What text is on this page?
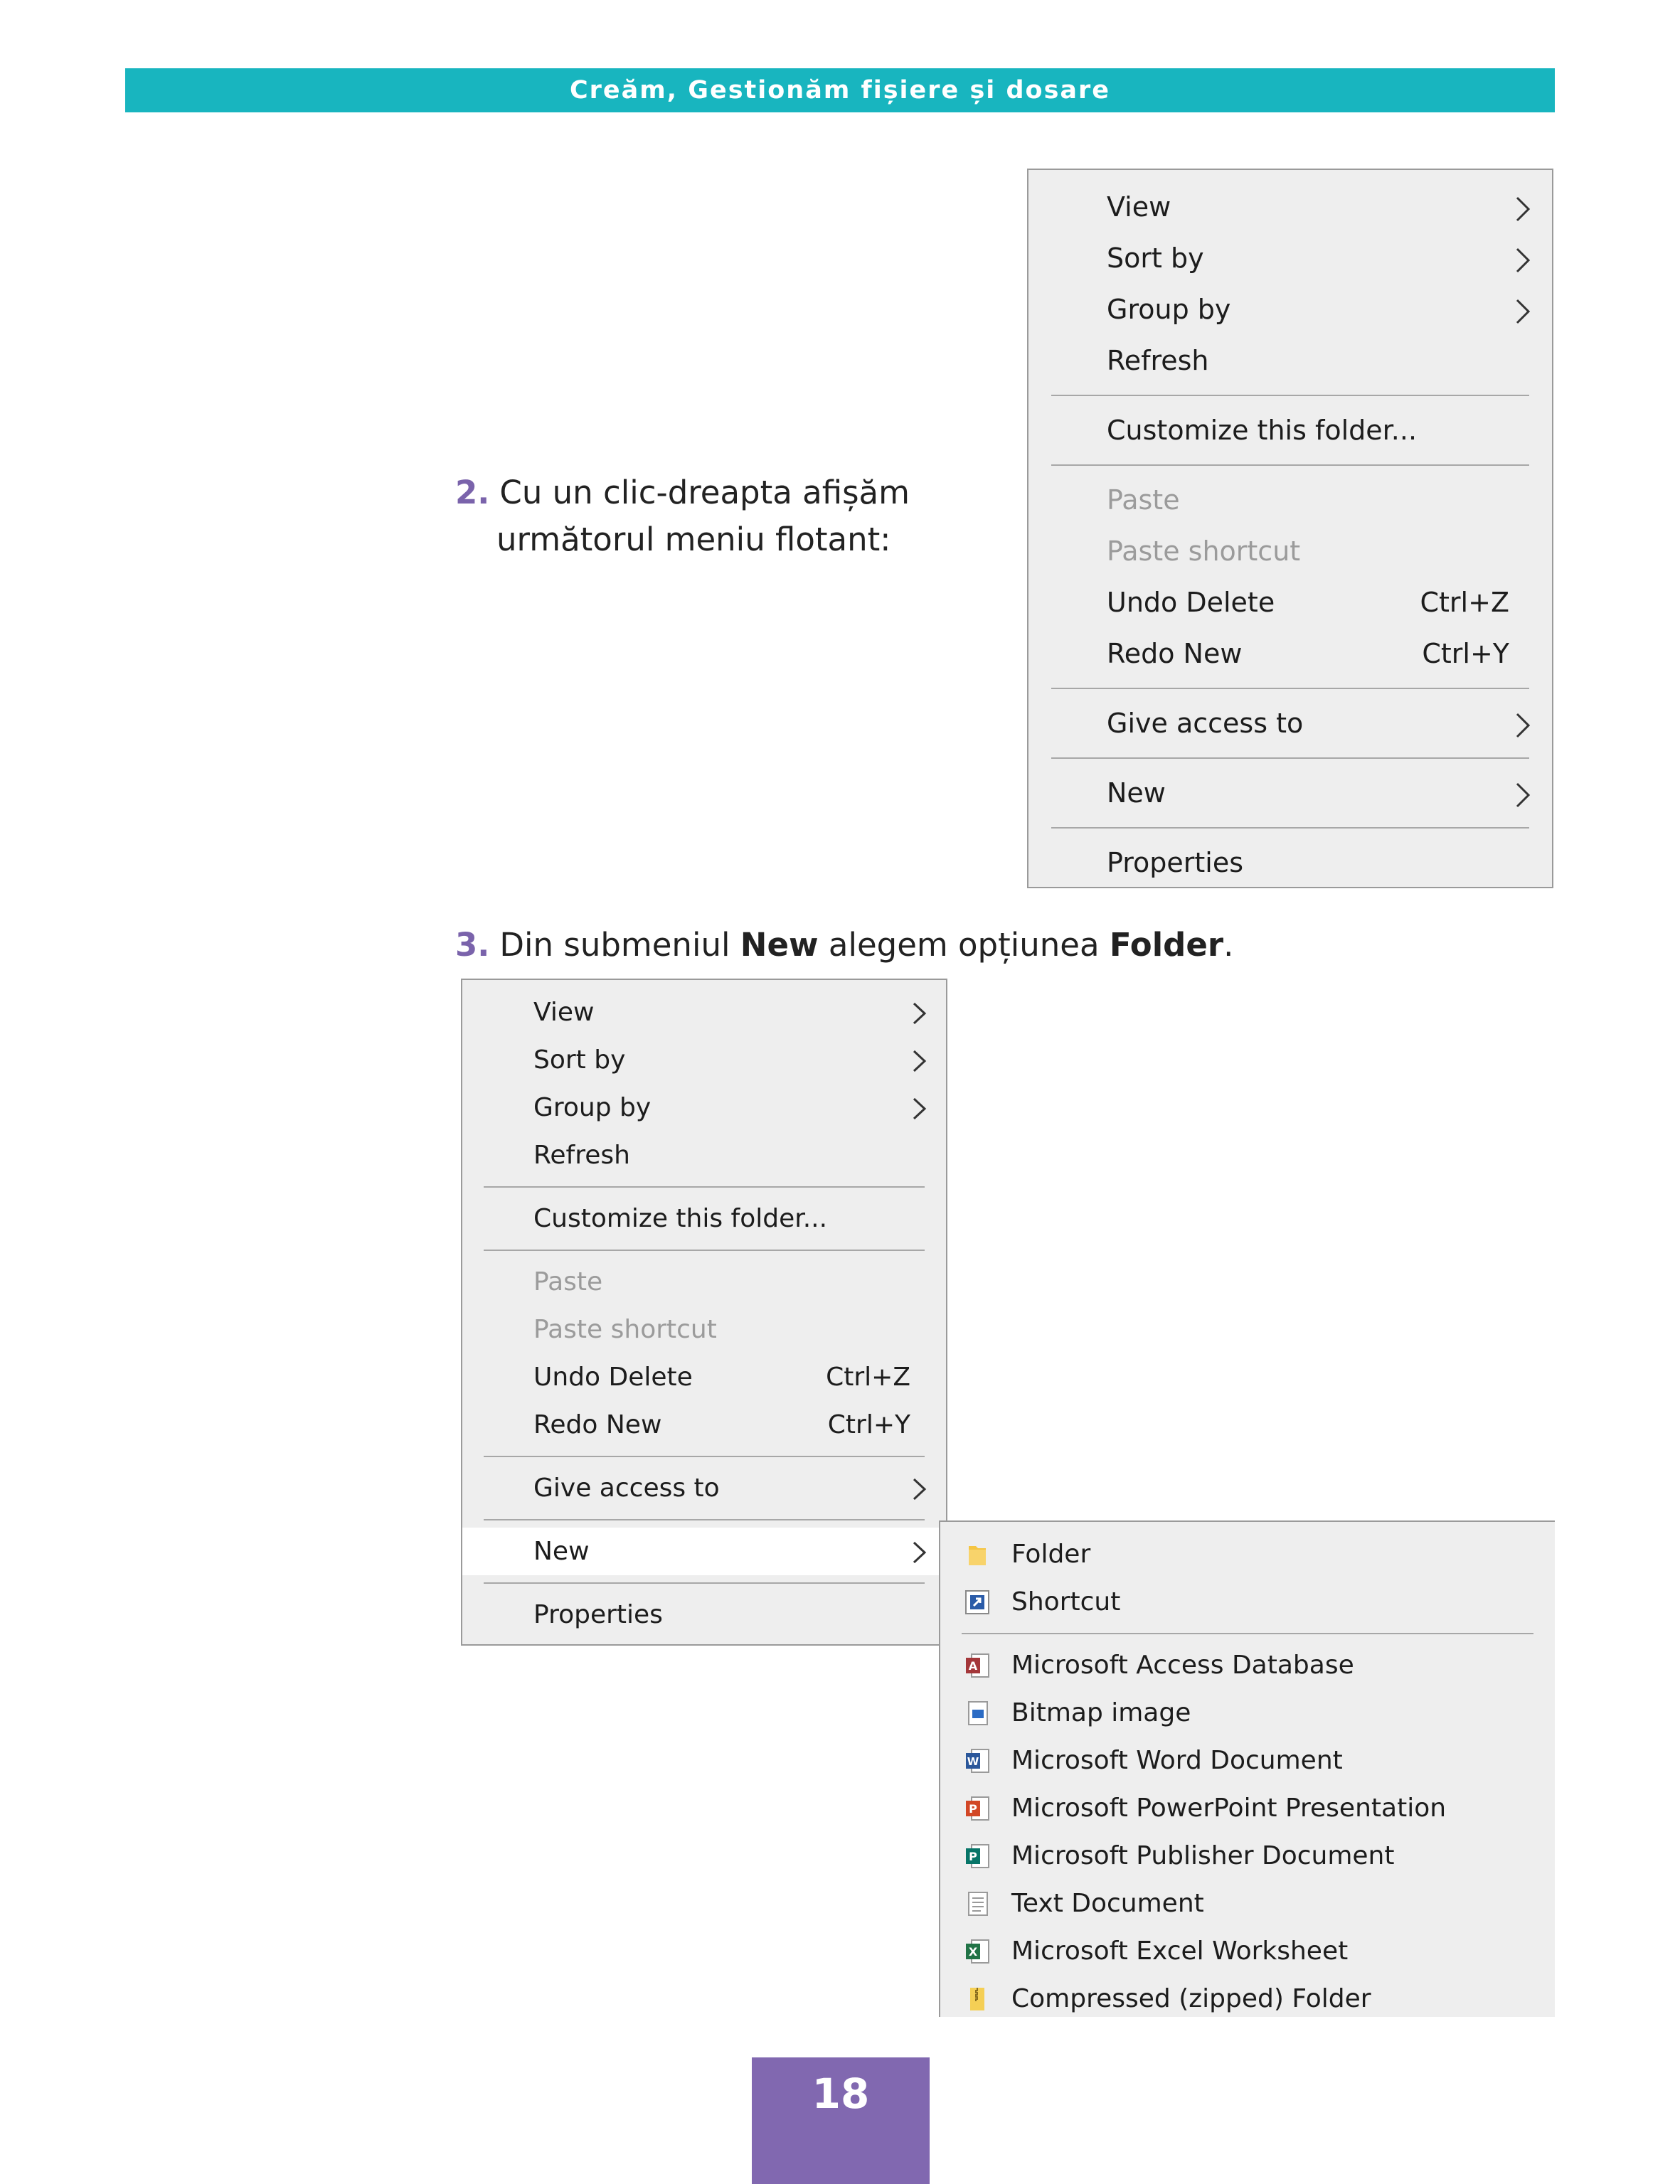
Creăm, Gestionăm fișiere și dosare
2. Cu un clic-dreapta afișăm
următorul meniu flotant:
View
Sort by
Group by
Refresh
Customize this folder...
Paste
Paste shortcut
Undo Delete	Ctrl+Z
Redo New	Ctrl+Y
Give access to
New
Properties
3. Din submeniul New alegem opțiunea Folder.
View
Sort by
Group by
Refresh
Customize this folder...
Paste
Paste shortcut
Undo Delete	Ctrl+Z
Redo New	Ctrl+Y
Give access to
New
Properties
Folder
Shortcut
A Microsoft Access Database
Bitmap image
W Microsoft Word Document
P Microsoft PowerPoint Presentation
P Microsoft Publisher Document
Text Document
X Microsoft Excel Worksheet
Compressed (zipped) Folder
18
